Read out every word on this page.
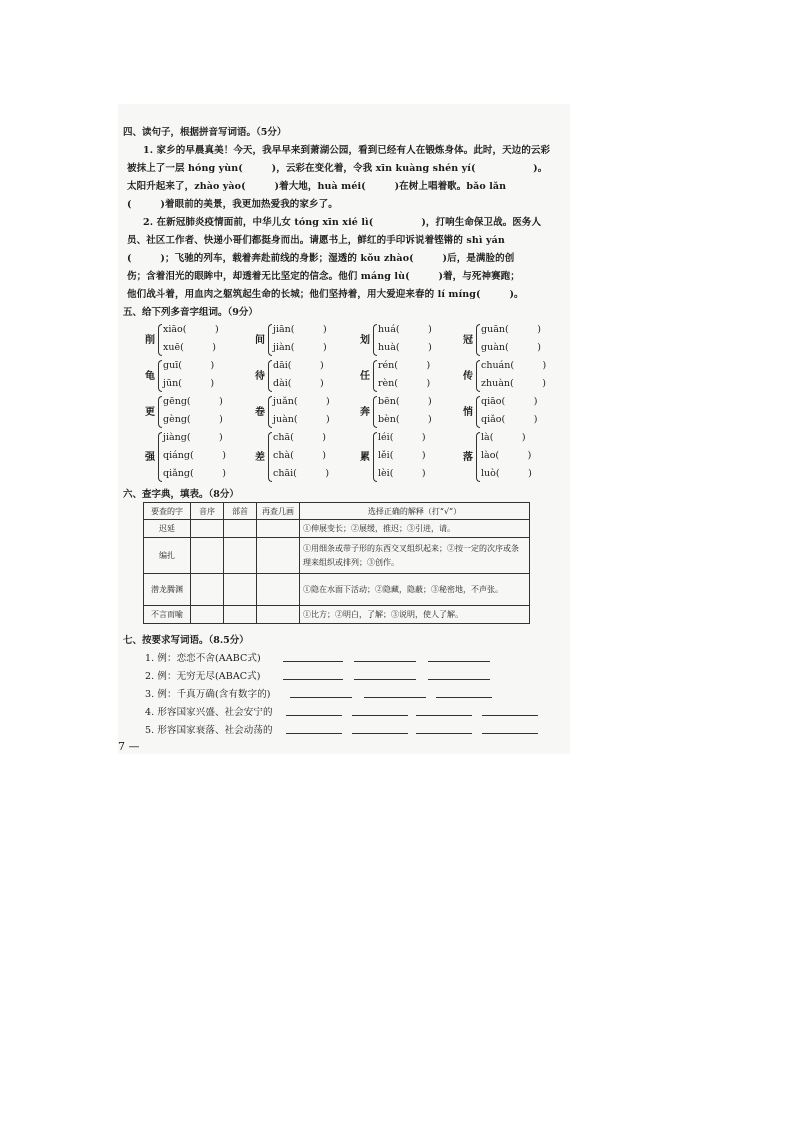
四、读句子，根据拼音写词语。（5分）
1. 家乡的早晨真美！今天，我早早来到萧湖公园，看到已经有人在锻炼身体。此时，天边的云彩
被抹上了一层 hóng yùn(　　　)，云彩在变化着，令我 xīn kuàng shén yí(　　　　　　)。
太阳升起来了，zhào yào(　　　)着大地，huà méi(　　　)在树上唱着歌。bǎo lǎn
(　　　)着眼前的美景，我更加热爱我的家乡了。
2. 在新冠肺炎疫情面前，中华儿女 tóng xīn xié lì(　　　　　)，打响生命保卫战。医务人
员、社区工作者、快递小哥们都挺身而出。请愿书上，鲜红的手印诉说着铿锵的 shì yán
(　　　)；飞驰的列车，载着奔赴前线的身影；湿透的 kǒu zhào(　　　)后，是满脸的创
伤；含着泪光的眼眸中，却透着无比坚定的信念。他们 máng lù(　　　)着，与死神赛跑；
他们战斗着，用血肉之躯筑起生命的长城；他们坚持着，用大爱迎来春的 lí míng(　　　)。
五、给下列多音字组词。（9分）
削
xiāo(　　　)
xuē(　　　)
间
jiān(　　　)
jiàn(　　　)
划
huá(　　　)
huà(　　　)
冠
guān(　　　)
guàn(　　　)
龟
guī(　　　)
jūn(　　　)
待
dāi(　　　)
dài(　　　)
任
rén(　　　)
rèn(　　　)
传
chuán(　　　)
zhuàn(　　　)
更
gēng(　　　)
gèng(　　　)
卷
juǎn(　　　)
juàn(　　　)
奔
bēn(　　　)
bèn(　　　)
悄
qiāo(　　　)
qiǎo(　　　)
强
jiàng(　　　)
qiáng(　　　)
qiǎng(　　　)
差
chā(　　　)
chà(　　　)
chāi(　　　)
累
léi(　　　)
lěi(　　　)
lèi(　　　)
落
là(　　　)
lào(　　　)
luò(　　　)
六、查字典，填表。（8分）
要查的字	音序	部首	再查几画	选择正确的解释（打“√”）
迟延				①伸展变长；②展缓，推迟；③引进，请。
编扎				①用细条或带子形的东西交叉组织起来；②按一定的次序或条理来组织或排列；③创作。
潜龙腾渊				①隐在水面下活动；②隐藏，隐蔽；③秘密地，不声张。
不言而喻				①比方；②明白，了解；③说明，使人了解。
七、按要求写词语。（8.5分）
1. 例：恋恋不舍(AABC式)
2. 例：无穷无尽(ABAC式)
3. 例：千真万确(含有数字的)
4. 形容国家兴盛、社会安宁的
5. 形容国家衰落、社会动荡的
7 —
